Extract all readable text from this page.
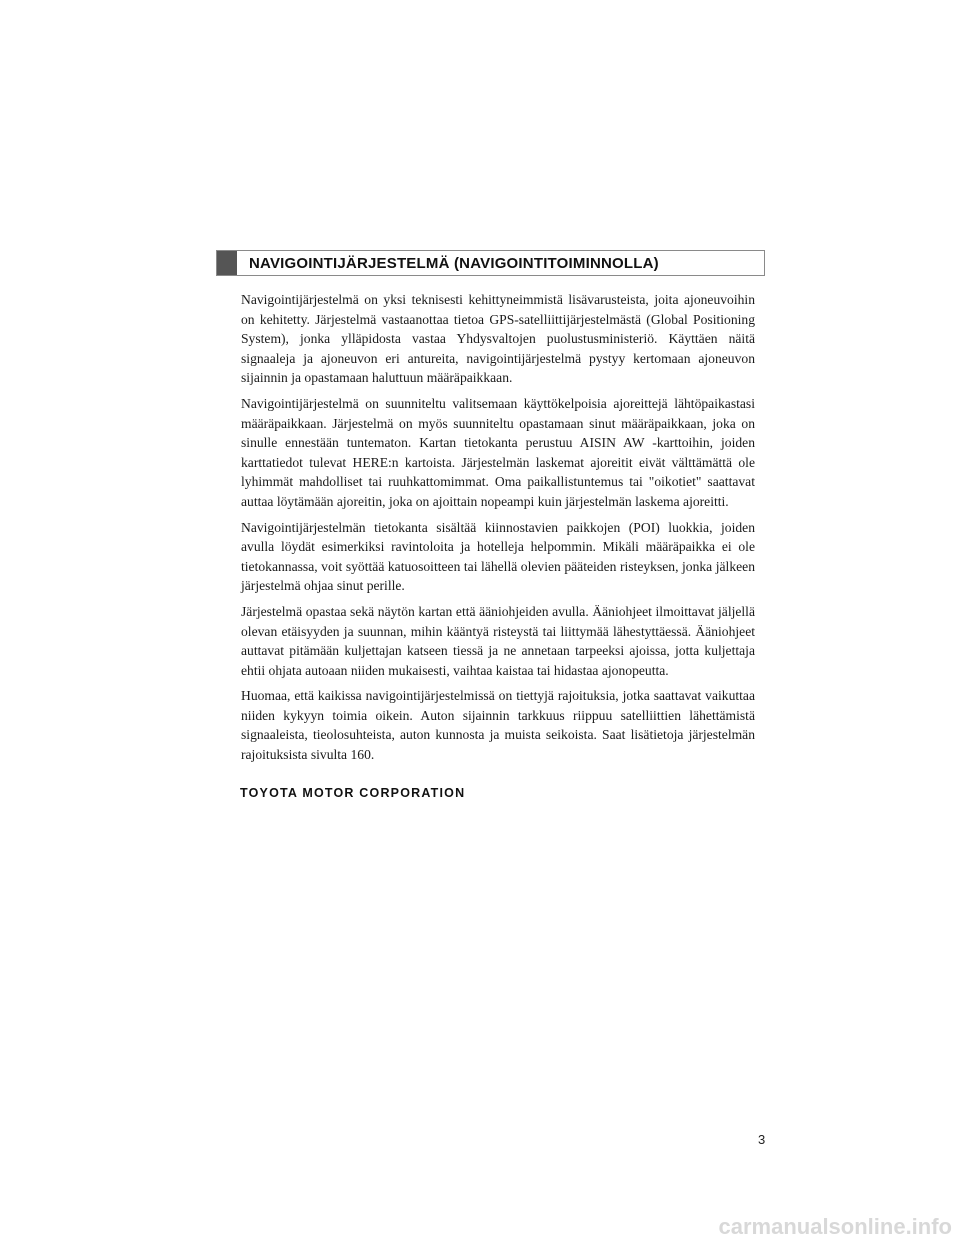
NAVIGOINTIJÄRJESTELMÄ (NAVIGOINTITOIMINNOLLA)

Navigointijärjestelmä on yksi teknisesti kehittyneimmistä lisävarusteista, joita ajoneuvoihin on kehitetty. Järjestelmä vastaanottaa tietoa GPS-satelliittijärjestelmästä (Global Positioning System), jonka ylläpidosta vastaa Yhdysvaltojen puolustusministeriö. Käyttäen näitä signaaleja ja ajoneuvon eri antureita, navigointijärjestelmä pystyy kertomaan ajoneuvon sijainnin ja opastamaan haluttuun määräpaikkaan.

Navigointijärjestelmä on suunniteltu valitsemaan käyttökelpoisia ajoreittejä lähtöpaikastasi määräpaikkaan. Järjestelmä on myös suunniteltu opastamaan sinut määräpaikkaan, joka on sinulle ennestään tuntematon. Kartan tietokanta perustuu AISIN AW -karttoihin, joiden karttatiedot tulevat HERE:n kartoista. Järjestelmän laskemat ajoreitit eivät välttämättä ole lyhimmät mahdolliset tai ruuhkattomimmat. Oma paikallistuntemus tai "oikotiet" saattavat auttaa löytämään ajoreitin, joka on ajoittain nopeampi kuin järjestelmän laskema ajoreitti.

Navigointijärjestelmän tietokanta sisältää kiinnostavien paikkojen (POI) luokkia, joiden avulla löydät esimerkiksi ravintoloita ja hotelleja helpommin. Mikäli määräpaikka ei ole tietokannassa, voit syöttää katuosoitteen tai lähellä olevien pääteiden risteyksen, jonka jälkeen järjestelmä ohjaa sinut perille.

Järjestelmä opastaa sekä näytön kartan että ääniohjeiden avulla. Ääniohjeet ilmoittavat jäljellä olevan etäisyyden ja suunnan, mihin kääntyä risteystä tai liittymää lähestyttäessä. Ääniohjeet auttavat pitämään kuljettajan katseen tiessä ja ne annetaan tarpeeksi ajoissa, jotta kuljettaja ehtii ohjata autoaan niiden mukaisesti, vaihtaa kaistaa tai hidastaa ajonopeutta.

Huomaa, että kaikissa navigointijärjestelmissä on tiettyjä rajoituksia, jotka saattavat vaikuttaa niiden kykyyn toimia oikein. Auton sijainnin tarkkuus riippuu satelliittien lähettämistä signaaleista, tieolosuhteista, auton kunnosta ja muista seikoista. Saat lisätietoja järjestelmän rajoituksista sivulta 160.

TOYOTA MOTOR CORPORATION
3
carmanualsonline.info
